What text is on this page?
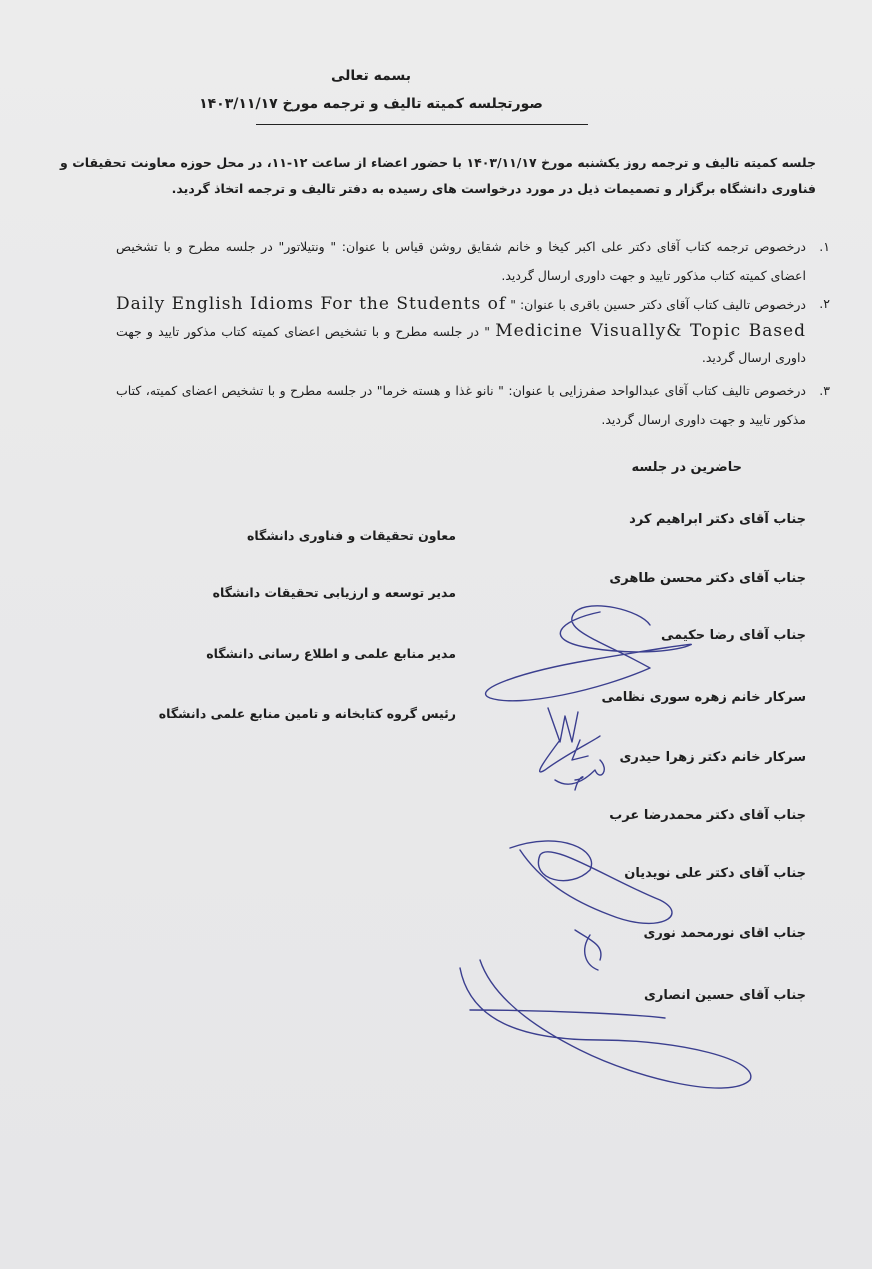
بسمه تعالی
صورتجلسه کمیته تالیف و ترجمه مورخ ۱۴۰۳/۱۱/۱۷
جلسه کمیته تالیف و ترجمه روز یکشنبه مورخ ۱۴۰۳/۱۱/۱۷ با حضور اعضاء از ساعت ۱۲-۱۱، در محل حوزه معاونت تحقیقات و فناوری دانشگاه برگزار و تصمیمات ذیل در مورد درخواست های رسیده به دفتر تالیف و ترجمه اتخاذ گردید.
۱.
درخصوص ترجمه کتاب آقای دکتر علی اکبر کیخا و خانم شقایق روشن قیاس با عنوان: " ونتیلاتور" در جلسه مطرح و با تشخیص اعضای کمیته کتاب مذکور تایید و جهت داوری ارسال گردید.
۲.
درخصوص تالیف کتاب آقای دکتر حسین باقری با عنوان: " Daily English Idioms For the Students of Medicine Visually& Topic Based " در جلسه مطرح و با تشخیص اعضای کمیته کتاب مذکور تایید و جهت داوری ارسال گردید.
۳.
درخصوص تالیف کتاب آقای عبدالواحد صفرزایی با عنوان: " نانو غذا و هسته خرما" در جلسه مطرح و با تشخیص اعضای کمیته، کتاب مذکور تایید و جهت داوری ارسال گردید.
حاضرین در جلسه
جناب آقای دکتر ابراهیم کرد
معاون تحقیقات و فناوری دانشگاه
جناب آقای دکتر محسن طاهری
مدیر توسعه و ارزیابی تحقیقات دانشگاه
جناب آقای رضا حکیمی
مدیر منابع علمی و اطلاع رسانی دانشگاه
سرکار خانم زهره سوری نظامی
رئیس گروه کتابخانه و تامین منابع علمی دانشگاه
سرکار خانم دکتر زهرا حیدری
جناب آقای دکتر محمدرضا عرب
جناب آقای دکتر علی نویدیان
جناب اقای نورمحمد نوری
جناب آقای حسین انصاری
